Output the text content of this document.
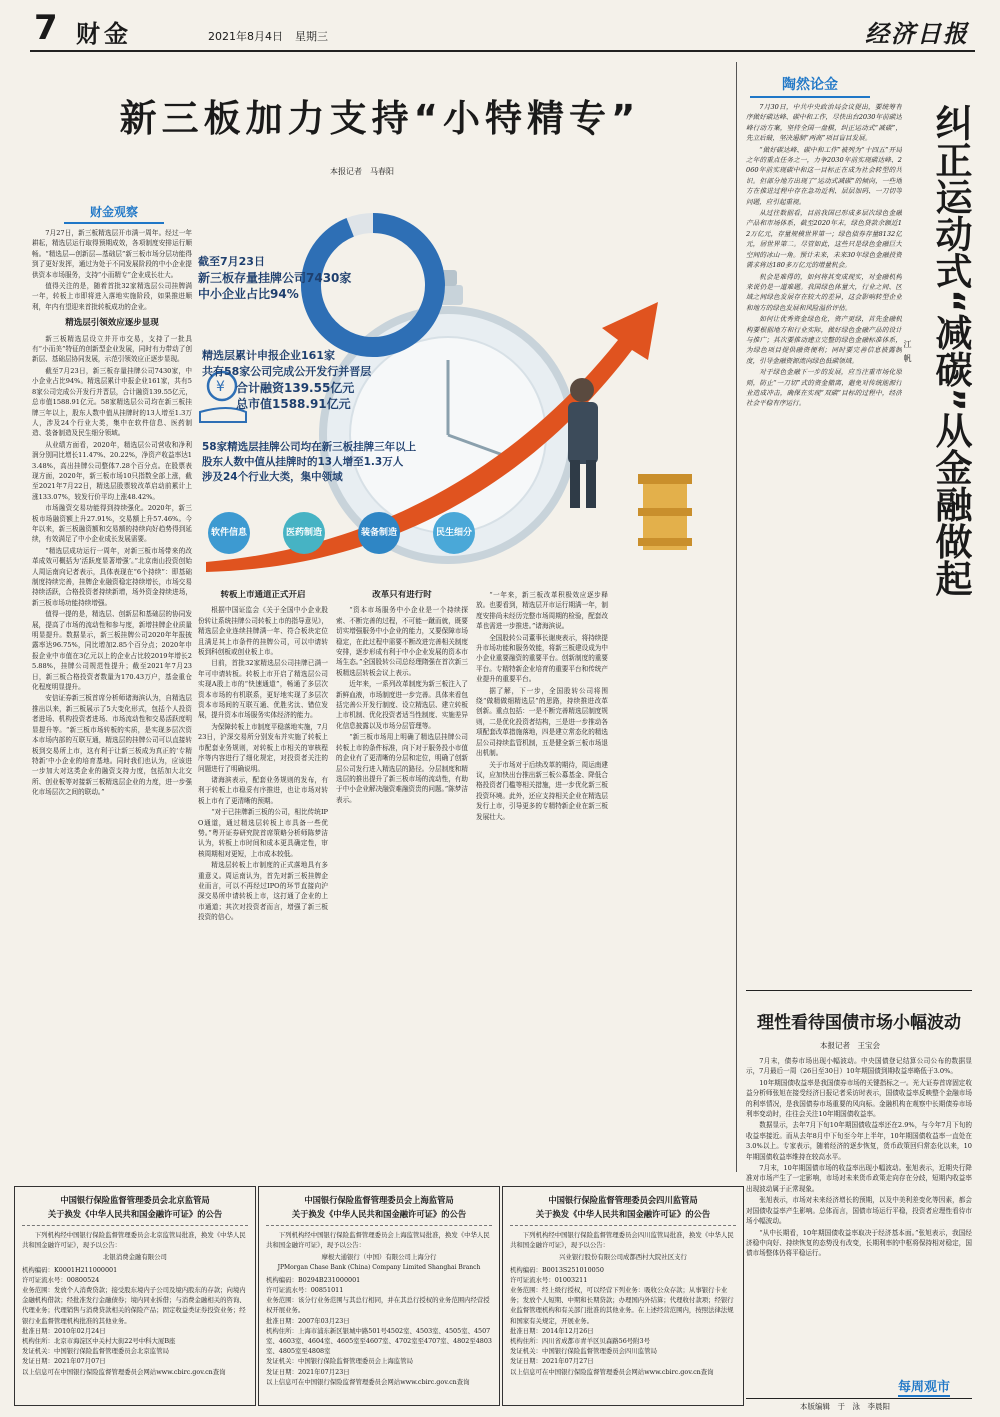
7 财金	2021年8月4日 星期三	经济日报
新三板加力支持“小特精专”
本报记者　马春阳
财金观察
¥
截至7月23日
新三板存量挂牌公司7430家
中小企业占比94%
精选层累计申报企业161家
共有58家公司完成公开发行并晋层
合计融资139.55亿元
总市值1588.91亿元
58家精选层挂牌公司均在新三板挂牌三年以上
股东人数中值从挂牌时的13人增至1.3万人
涉及24个行业大类，集中领域
软件信息	医药制造	装备制造	民生细分

7月27日，新三板精选层开市满一周年。经过一年耕耘，精选层运行取得预期成效，各项制度安排运行顺畅。“精选层—创新层—基础层”新三板市场分层功能得到了更好发挥，通过为处于不同发展阶段的中小企业提供资本市场服务，支持“小而精专”企业成长壮大。

值得关注的是，随着首批32家精选层公司挂牌满一年，转板上市即将进入落地实施阶段，如果推进顺利，年内有望迎来首批转板成功的企业。

精选层引领效应逐步显现

新三板精选层设立并开市交易，支持了一批具有“小而美”特征的创新型企业发展，同时有力带动了创新层、基础层协同发展，示范引领效应正逐步显现。

截至7月23日，新三板存量挂牌公司7430家，中小企业占比94%。精选层累计申报企业161家，共有58家公司完成公开发行并晋层，合计融资139.55亿元，总市值1588.91亿元。58家精选层公司均在新三板挂牌三年以上，股东人数中值从挂牌时的13人增至1.3万人，涉及24个行业大类，集中在软件信息、医药制造、装备制造及民生细分领域。

从业绩方面看，2020年，精选层公司营收和净利润分别同比增长11.47%、20.22%，净资产收益率达13.48%，高出挂牌公司整体7.28个百分点。在股票表现方面，2020年，新三板市场10只指数全部上涨，截至2021年7月22日，精选层股票较改革启动前累计上涨133.07%，较发行价平均上涨48.42%。

市场融资交易功能得到持续强化。2020年，新三板市场融资额上升27.91%，交易额上升57.46%。今年以来，新三板融资额和交易额的持续向好趋势得到延续，有效满足了中小企业成长发展需要。

“精选层成功运行一周年，对新三板市场带来的改革成效可概括为‘活跃度显著增强’。”北京南山投资创始人周运南向记者表示，具体表现在“6个持续”：即基础制度持续完善，挂牌企业融资稳定持续增长，市场交易持续活跃，合格投资者持续新增，场外资金持续进场，新三板市场功能持续增强。

值得一提的是，精选层、创新层和基础层的协同发展，提高了市场的流动性和参与度，新增挂牌企业质量明显提升。数据显示，新三板挂牌公司2020年年报披露率达96.75%，同比增加2.85个百分点；2020年申报企业中市值在3亿元以上的企业占比较2019年增长25.88%，挂牌公司规范性提升；截至2021年7月23日，新三板合格投资者数量为170.43万户，基金重仓化程度明显提升。

安信证券新三板首席分析师诸海滨认为，自精选层推出以来，新三板展示了5大变化形式，包括个人投资者进场、机构投资者进场、市场流动性和交易活跃度明显提升等。“新三板市场转板的实质，是实现多层次资本市场内部的互联互通，精选层的挂牌公司可以直接转板到交易所上市，这有利于让新三板成为真正的‘专精特新’中小企业的培育基地。同时我们也认为，应该进一步加大对这类企业的融资支持力度，包括加大北交所、创业板等对接新三板精选层企业的力度，进一步强化市场层次之间的联动。”

转板上市通道正式开启

根据中国证监会《关于全国中小企业股份转让系统挂牌公司转板上市的指导意见》，精选层企业连续挂牌满一年、符合板块定位且满足其上市条件的挂牌公司，可以申请转板到科创板或创业板上市。

目前，首批32家精选层公司挂牌已满一年可申请转板。转板上市开启了精选层公司实现A股上市的“快速通道”，畅通了多层次资本市场的有机联系，更好地实现了多层次资本市场间的互联互通、优胜劣汰、错位发展，提升资本市场服务实体经济的能力。

为保障转板上市制度平稳落地实施，7月23日，沪深交易所分别发布并实施了转板上市配套业务规则，对转板上市相关的审核程序等内容进行了细化规定，对投资者关注的问题进行了明确说明。

诸海滨表示，配套业务规则的发布，有利于转板上市稳妥有序推进，也让市场对转板上市有了更清晰的预期。

“对于已挂牌新三板的公司，相比传统IPO通道，通过精选层转板上市具备一些优势。”粤开证券研究院首席策略分析师陈梦洁认为，转板上市时间和成本更具确定性，审核周期相对更短，上市成本较低。

精选层转板上市制度的正式落地具有多重意义。周运南认为，首先对新三板挂牌企业而言，可以不再经过IPO的环节直接向沪深交易所申请转板上市，这打通了企业的上市通道；其次对投资者而言，增强了新三板投资的信心。

改革只有进行时

“资本市场服务中小企业是一个持续探索、不断完善的过程，不可能一蹴而就，既要切实增强服务中小企业的能力，又要保障市场稳定，在此过程中需要不断改进完善相关制度安排，逐步形成有利于中小企业发展的资本市场生态。”全国股转公司总经理隋强在首次新三板精选层转板会议上表示。

近年来，一系列改革制度为新三板注入了新鲜血液，市场制度进一步完善。具体来看包括完善公开发行制度、设立精选层、建立转板上市机制、优化投资者适当性制度、实施差异化信息披露以及市场分层管理等。

“新三板市场用上明确了精选层挂牌公司转板上市的条件标准，向下对于服务投小市值的企业有了更清晰的分层和定位，明确了创新层公司发行进入精选层的路径。分层制度和精选层的推出提升了新三板市场的流动性，有助于中小企业解决融资难融资贵的问题。”陈梦洁表示。

“一年来，新三板改革积极效应逐步释放。也要看到，精选层开市运行期满一年，制度安排尚未经历完整市场周期的检验，配套改革也需进一步推进。”诸海滨说。

全国股转公司董事长谢庚表示，将持续提升市场功能和服务效能，将新三板建设成为中小企业重要融资的重要平台。创新制度的重要平台。专精特新企业培育的重要平台和传统产业提升的重要平台。

据了解，下一步，全国股转公司将围绕“做精做细精选层”的思路，持续推进改革创新。重点包括：一是不断完善精选层制度规则，二是优化投资者结构，三是进一步推动各项配套改革措施落地，四是建立常态化的精选层公司持续监管机制，五是健全新三板市场退出机制。

关于市场对于后续改革的期待，周运南建议，应加快出台推出新三板公募基金、降低合格投资者门槛等相关措施，进一步优化新三板投资环境。此外，还应支持相关企业在精选层发行上市，引导更多的专精特新企业在新三板发展壮大。

陶然论金

7月30日，中共中央政治局会议提出，要统筹有序做好碳达峰、碳中和工作，尽快出台2030年前碳达峰行动方案，坚持全国一盘棋，纠正运动式“减碳”，先立后破，坚决遏制“两高”项目盲目发展。

“做好碳达峰、碳中和工作”被列为“十四五”开局之年的重点任务之一，力争2030年前实现碳达峰、2060年前实现碳中和这一目标正在成为社会转型的共识。但部分地方出现了“运动式减碳”的倾向，一些地方在推进过程中存在急功近利、层层加码、一刀切等问题，应引起重视。

从过往数据看，目前我国已形成多层次绿色金融产品和市场体系，截至2020年末，绿色贷款余额近12万亿元，存量规模世界第一；绿色债券存量8132亿元，居世界第二。尽管如此，这些只是绿色金融巨大空间的冰山一角。预计未来，未来30年绿色金融投资需求将达180多万亿元的增量机会。

机会是难得的，如何将其变成现实，对金融机构来说仍是一道难题。我国绿色体量大，行业之间、区域之间绿色发展存在较大的差异，这会影响转型企业和地方的绿色发展和风险溢价评估。

如何让优秀资金绿色化，资产更绿，首先金融机构要根据地方和行业实际，做好绿色金融产品的设计与推广；其次要推动建立完整的绿色金融标准体系，为绿色项目提供融资便利；同时要完善信息披露制度，引导金融资源流向绿色低碳领域。

对于绿色金融下一步的发展，应当注重市场化原则，防止“一刀切”式的资金撤离，避免对传统能源行业造成冲击，确保在实现“双碳”目标的过程中，经济社会平稳有序运行。	纠正运动式“减碳”从金融做起
江帆
理性看待国债市场小幅波动
本报记者　王宝会

7月末，债券市场出现小幅波动。中央国债登记结算公司公布的数据显示，7月最后一周（26日至30日）10年期国债到期收益率略低于3.0%。

10年期国债收益率是我国债券市场的关键指标之一。光大证券首席固定收益分析师张旭在接受经济日报记者采访时表示，国债收益率反映整个金融市场的利率情况，是我国债券市场重要的风向标。金融机构在观察中长期债券市场利率变动时，往往会关注10年期国债收益率。

数据显示，去年7月下旬10年期国债收益率还在2.9%，与今年7月下旬的收益率接近。而从去年8月中下旬至今年上半年，10年期国债收益率一直处在3.0%以上。专家表示，随着经济的逐步恢复，货币政策回归常态化以来，10年期国债收益率维持在较高水平。

7月末，10年期国债市场的收益率出现小幅波动。张旭表示，近期央行降准对市场产生了一定影响，市场对未来货币政策走向存在分歧，短期内收益率出现波动属于正常现象。

张旭表示，市场对未来经济增长的预期，以及中美利差变化等因素，都会对国债收益率产生影响。总体而言，国债市场运行平稳，投资者应理性看待市场小幅波动。

“从中长期看，10年期国债收益率取决于经济基本面。”张旭表示，我国经济稳中向好、持续恢复的态势没有改变，长期利率的中枢将保持相对稳定，国债市场整体仍将平稳运行。

每周观市
中国银行保险监督管理委员会北京监管局
关于换发《中华人民共和国金融许可证》的公告
下列机构经中国银行保险监督管理委员会北京监管局批准，换发《中华人民共和国金融许可证》，现予以公告：
北银消费金融有限公司
机构编码：K0001H211000001
许可证流水号：00800524
业务范围：发放个人消费贷款；接受股东境内子公司及境内股东的存款；向境内金融机构借款；经批准发行金融债券；境内同业拆借；与消费金融相关的咨询、代理业务；代理销售与消费贷款相关的保险产品；固定收益类证券投资业务；经银行业监督管理机构批准的其他业务。
批准日期：2010年02月24日
机构住所：北京市海淀区中关村大街22号中科大厦B座
发证机关：中国银行保险监督管理委员会北京监管局
发证日期：2021年07月07日
以上信息可在中国银行保险监督管理委员会网站www.cbirc.gov.cn查询
中国银行保险监督管理委员会上海监管局
关于换发《中华人民共和国金融许可证》的公告
下列机构经中国银行保险监督管理委员会上海监管局批准，换发《中华人民共和国金融许可证》，现予以公告：
摩根大通银行（中国）有限公司上海分行
JPMorgan Chase Bank (China) Company Limited Shanghai Branch
机构编码：B0294B231000001
许可证流水号：00851011
业务范围：该分行业务范围与其总行相同，并在其总行授权的业务范围内经营授权开展业务。
批准日期：2007年03月23日
机构住所：上海市浦东新区银城中路501号4502室、4503室、4505室、4507室、4603室、4604室、4605室至4607室、4702室至4707室、4802至4803室、4805室至4808室
发证机关：中国银行保险监督管理委员会上海监管局
发证日期：2021年07月23日
以上信息可在中国银行保险监督管理委员会网站www.cbirc.gov.cn查询
中国银行保险监督管理委员会四川监管局
关于换发《中华人民共和国金融许可证》的公告
下列机构经中国银行保险监督管理委员会四川监管局批准，换发《中华人民共和国金融许可证》，现予以公告：
兴业银行股份有限公司成都西村大院社区支行
机构编码：B0013S251010050
许可证流水号：01003211
业务范围：经上级行授权，可以经营下列业务：吸收公众存款；从事银行卡业务；发放个人短期、中期和长期贷款；办理国内外结算；代理收付款项；经银行业监督管理机构和有关部门批准的其他业务。在上述经营范围内，按照法律法规和国家有关规定，开展业务。
批准日期：2014年12月26日
机构住所：四川省成都市青羊区贝森路56号附3号
发证机关：中国银行保险监督管理委员会四川监管局
发证日期：2021年07月27日
以上信息可在中国银行保险监督管理委员会网站www.cbirc.gov.cn查询
本版编辑　于　泳　李晨阳
